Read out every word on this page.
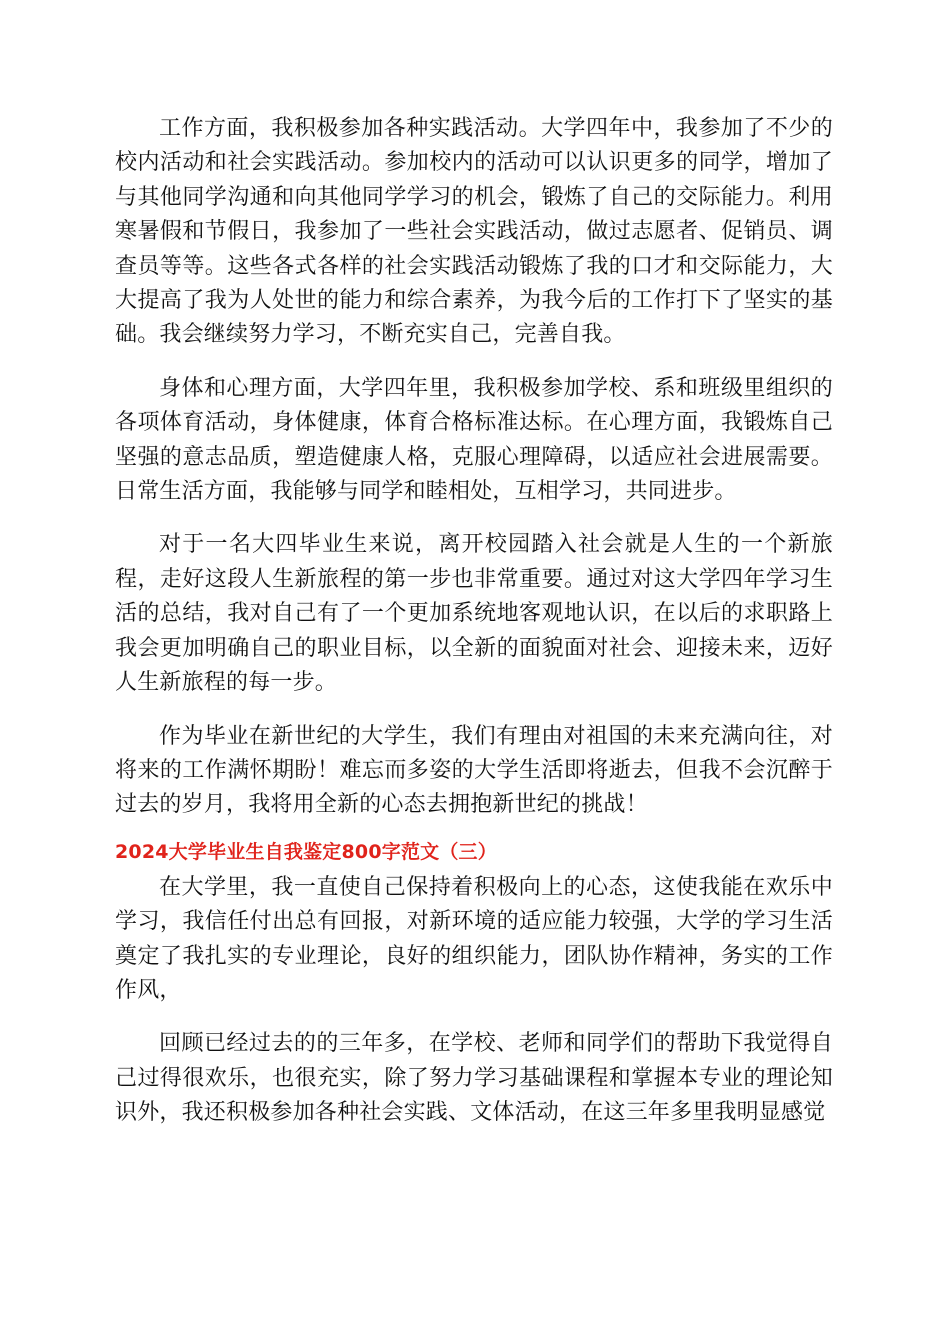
工作方面，我积极参加各种实践活动。大学四年中，我参加了不少的校内活动和社会实践活动。参加校内的活动可以认识更多的同学，增加了与其他同学沟通和向其他同学学习的机会，锻炼了自己的交际能力。利用寒暑假和节假日，我参加了一些社会实践活动，做过志愿者、促销员、调查员等等。这些各式各样的社会实践活动锻炼了我的口才和交际能力，大大提高了我为人处世的能力和综合素养，为我今后的工作打下了坚实的基础。我会继续努力学习，不断充实自己，完善自我。

身体和心理方面，大学四年里，我积极参加学校、系和班级里组织的各项体育活动，身体健康，体育合格标准达标。在心理方面，我锻炼自己坚强的意志品质，塑造健康人格，克服心理障碍，以适应社会进展需要。日常生活方面，我能够与同学和睦相处，互相学习，共同进步。

对于一名大四毕业生来说，离开校园踏入社会就是人生的一个新旅程，走好这段人生新旅程的第一步也非常重要。通过对这大学四年学习生活的总结，我对自己有了一个更加系统地客观地认识，在以后的求职路上我会更加明确自己的职业目标，以全新的面貌面对社会、迎接未来，迈好人生新旅程的每一步。

作为毕业在新世纪的大学生，我们有理由对祖国的未来充满向往，对将来的工作满怀期盼！难忘而多姿的大学生活即将逝去，但我不会沉醉于过去的岁月，我将用全新的心态去拥抱新世纪的挑战！

2024大学毕业生自我鉴定800字范文（三）

在大学里，我一直使自己保持着积极向上的心态，这使我能在欢乐中学习，我信任付出总有回报，对新环境的适应能力较强，大学的学习生活奠定了我扎实的专业理论，良好的组织能力，团队协作精神，务实的工作作风，

回顾已经过去的的三年多，在学校、老师和同学们的帮助下我觉得自己过得很欢乐，也很充实，除了努力学习基础课程和掌握本专业的理论知识外，我还积极参加各种社会实践、文体活动，在这三年多里我明显感觉
